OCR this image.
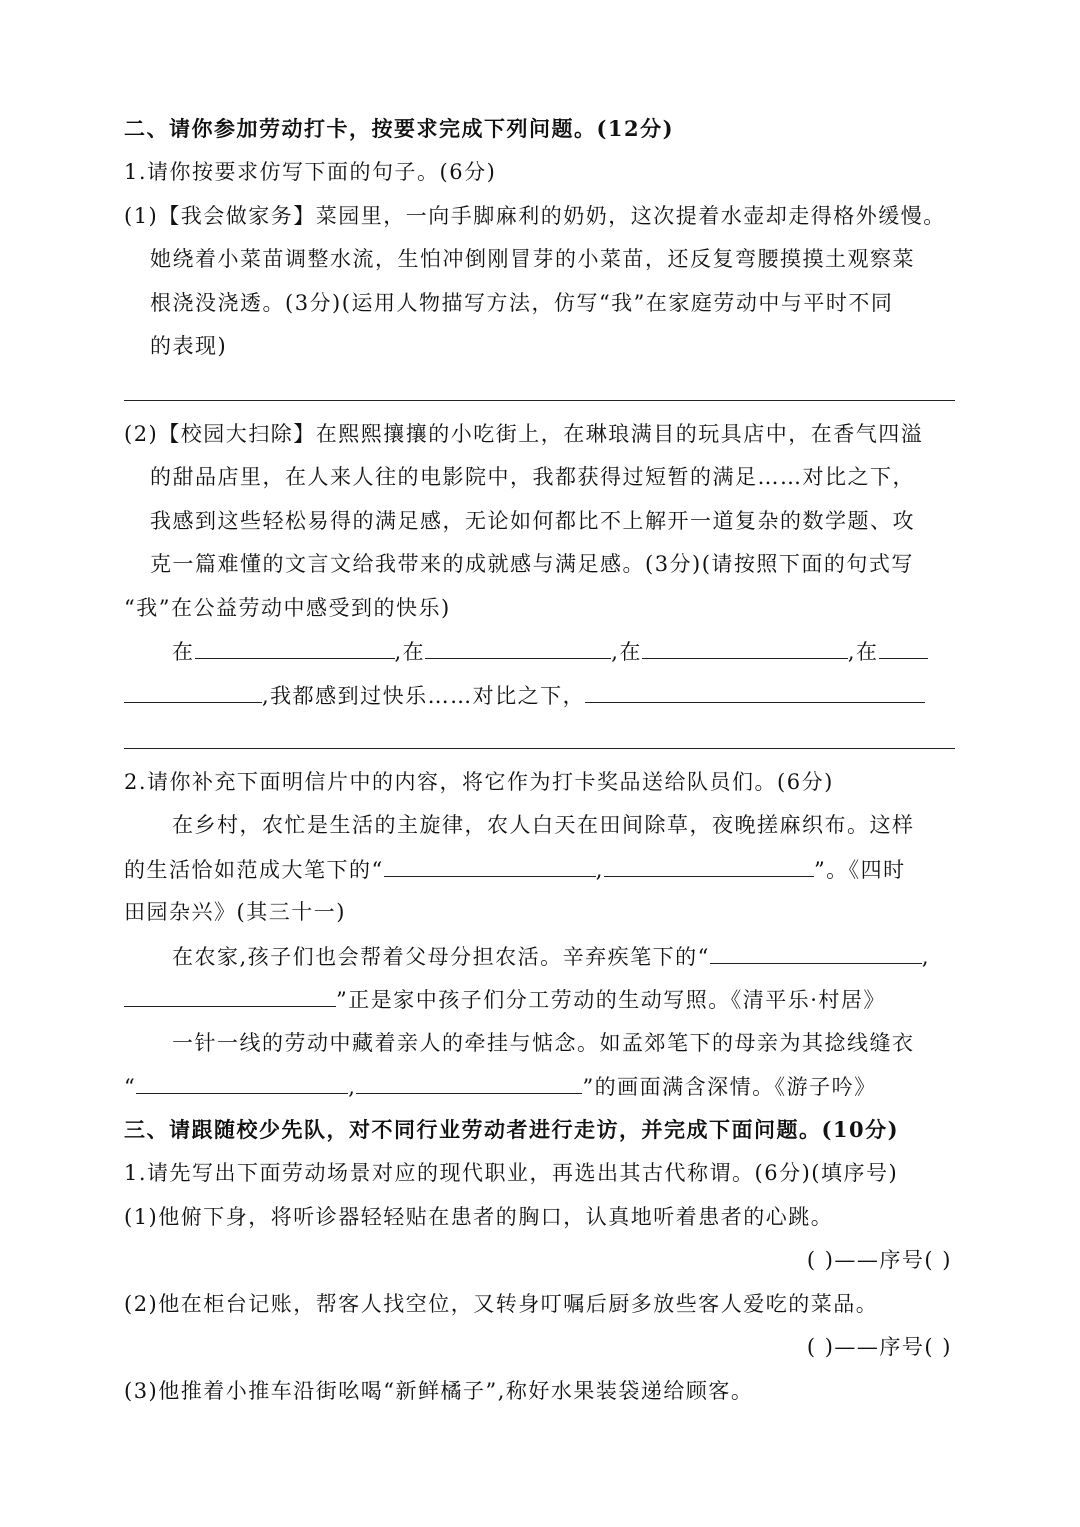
二、请你参加劳动打卡，按要求完成下列问题。(12分)
1.请你按要求仿写下面的句子。(6分)
(1)【我会做家务】菜园里，一向手脚麻利的奶奶，这次提着水壶却走得格外缓慢。
她绕着小菜苗调整水流，生怕冲倒刚冒芽的小菜苗，还反复弯腰摸摸土观察菜
根浇没浇透。(3分)(运用人物描写方法，仿写“我”在家庭劳动中与平时不同
的表现)
(2)【校园大扫除】在熙熙攘攘的小吃街上，在琳琅满目的玩具店中，在香气四溢
的甜品店里，在人来人往的电影院中，我都获得过短暂的满足……对比之下，
我感到这些轻松易得的满足感，无论如何都比不上解开一道复杂的数学题、攻
克一篇难懂的文言文给我带来的成就感与满足感。(3分)(请按照下面的句式写
“我”在公益劳动中感受到的快乐)
在	,在	,在	,在
,我都感到过快乐……对比之下，
2.请你补充下面明信片中的内容，将它作为打卡奖品送给队员们。(6分)
在乡村，农忙是生活的主旋律，农人白天在田间除草，夜晚搓麻织布。这样
的生活恰如范成大笔下的“	,	”。《四时
田园杂兴》(其三十一)
在农家,孩子们也会帮着父母分担农活。辛弃疾笔下的“	,
”正是家中孩子们分工劳动的生动写照。《清平乐·村居》
一针一线的劳动中藏着亲人的牵挂与惦念。如孟郊笔下的母亲为其捻线缝衣
“	,	”的画面满含深情。《游子吟》
三、请跟随校少先队，对不同行业劳动者进行走访，并完成下面问题。(10分)
1.请先写出下面劳动场景对应的现代职业，再选出其古代称谓。(6分)(填序号)
(1)他俯下身，将听诊器轻轻贴在患者的胸口，认真地听着患者的心跳。
( )——序号( )
(2)他在柜台记账，帮客人找空位，又转身叮嘱后厨多放些客人爱吃的菜品。
( )——序号( )
(3)他推着小推车沿街吆喝“新鲜橘子”,称好水果装袋递给顾客。
